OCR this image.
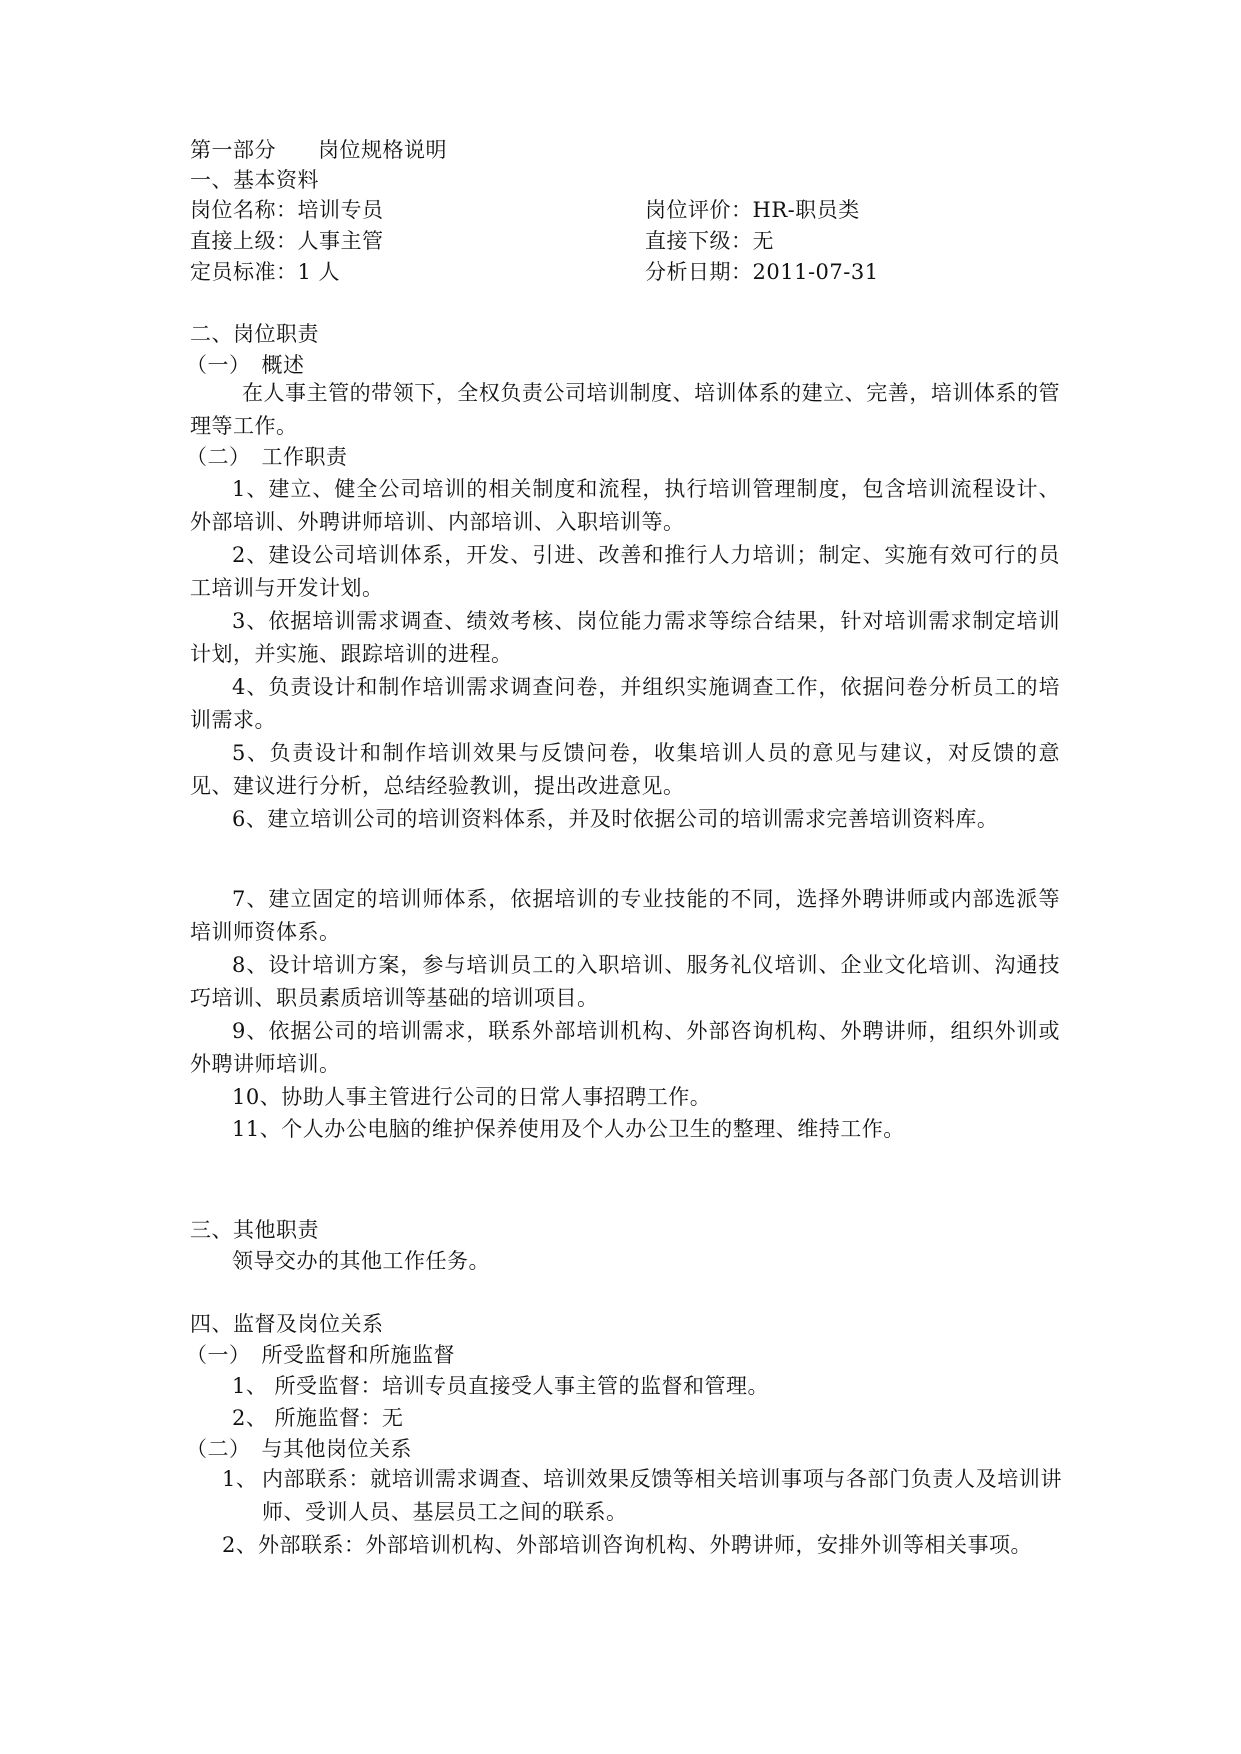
第一部分 岗位规格说明
一、基本资料
岗位名称：培训专员	岗位评价：HR-职员类
直接上级：人事主管	直接下级：无
定员标准：1 人	分析日期：2011-07-31
二、岗位职责
（一）　概述
在人事主管的带领下，全权负责公司培训制度、培训体系的建立、完善，培训体系的管理等工作。
（二）　工作职责
1、建立、健全公司培训的相关制度和流程，执行培训管理制度，包含培训流程设计、外部培训、外聘讲师培训、内部培训、入职培训等。
2、建设公司培训体系，开发、引进、改善和推行人力培训；制定、实施有效可行的员工培训与开发计划。
3、依据培训需求调查、绩效考核、岗位能力需求等综合结果，针对培训需求制定培训计划，并实施、跟踪培训的进程。
4、负责设计和制作培训需求调查问卷，并组织实施调查工作，依据问卷分析员工的培训需求。
5、负责设计和制作培训效果与反馈问卷，收集培训人员的意见与建议，对反馈的意见、建议进行分析，总结经验教训，提出改进意见。
6、建立培训公司的培训资料体系，并及时依据公司的培训需求完善培训资料库。
7、建立固定的培训师体系，依据培训的专业技能的不同，选择外聘讲师或内部选派等培训师资体系。
8、设计培训方案，参与培训员工的入职培训、服务礼仪培训、企业文化培训、沟通技巧培训、职员素质培训等基础的培训项目。
9、依据公司的培训需求，联系外部培训机构、外部咨询机构、外聘讲师，组织外训或外聘讲师培训。
10、协助人事主管进行公司的日常人事招聘工作。
11、个人办公电脑的维护保养使用及个人办公卫生的整理、维持工作。
三、其他职责
领导交办的其他工作任务。
四、监督及岗位关系
（一）　所受监督和所施监督
1、 所受监督：培训专员直接受人事主管的监督和管理。
2、 所施监督：无
（二）　与其他岗位关系
1、 内部联系：就培训需求调查、培训效果反馈等相关培训事项与各部门负责人及培训讲师、受训人员、基层员工之间的联系。
2、 外部联系：外部培训机构、外部培训咨询机构、外聘讲师，安排外训等相关事项。
